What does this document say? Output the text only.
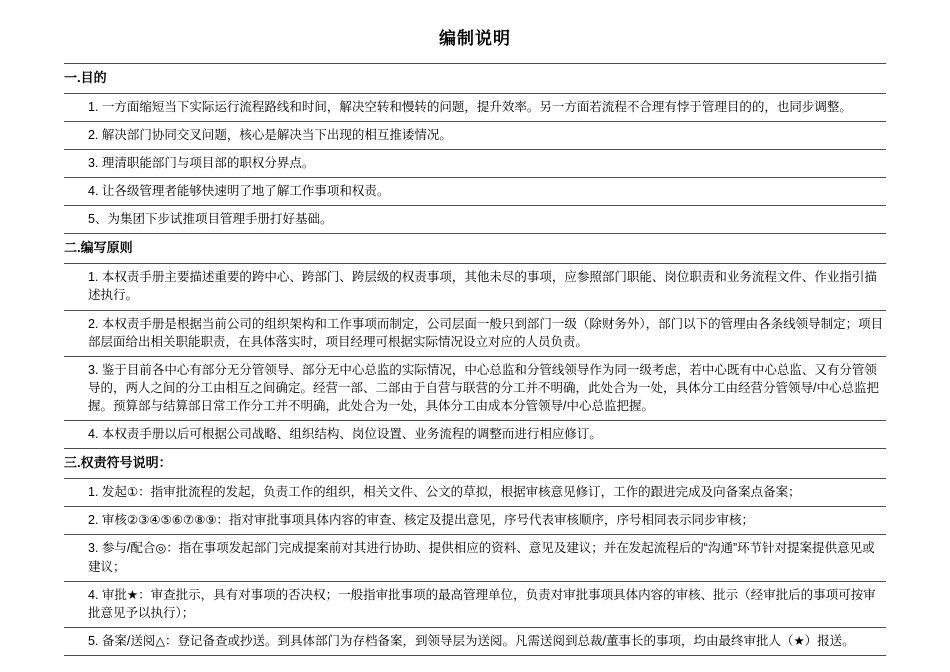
编制说明
一.目的
1. 一方面缩短当下实际运行流程路线和时间，解决空转和慢转的问题，提升效率。另一方面若流程不合理有悖于管理目的的，也同步调整。
2. 解决部门协同交叉问题，核心是解决当下出现的相互推诿情况。
3. 理清职能部门与项目部的职权分界点。
4. 让各级管理者能够快速明了地了解工作事项和权责。
5、为集团下步试推项目管理手册打好基础。
二.编写原则
1. 本权责手册主要描述重要的跨中心、跨部门、跨层级的权责事项，其他未尽的事项，应参照部门职能、岗位职责和业务流程文件、作业指引描述执行。
2. 本权责手册是根据当前公司的组织架构和工作事项而制定，公司层面一般只到部门一级（除财务外），部门以下的管理由各条线领导制定；项目部层面给出相关职能职责，在具体落实时，项目经理可根据实际情况设立对应的人员负责。
3. 鉴于目前各中心有部分无分管领导、部分无中心总监的实际情况，中心总监和分管线领导作为同一级考虑，若中心既有中心总监、又有分管领导的，两人之间的分工由相互之间确定。经营一部、二部由于自营与联营的分工并不明确，此处合为一处，具体分工由经营分管领导/中心总监把握。预算部与结算部日常工作分工并不明确，此处合为一处，具体分工由成本分管领导/中心总监把握。
4. 本权责手册以后可根据公司战略、组织结构、岗位设置、业务流程的调整而进行相应修订。
三.权责符号说明：
1. 发起①：指审批流程的发起，负责工作的组织，相关文件、公文的草拟，根据审核意见修订，工作的跟进完成及向备案点备案；
2. 审核②③④⑤⑥⑦⑧⑨：指对审批事项具体内容的审查、核定及提出意见，序号代表审核顺序，序号相同表示同步审核；
3. 参与/配合◎：指在事项发起部门完成提案前对其进行协助、提供相应的资料、意见及建议；并在发起流程后的“沟通”环节针对提案提供意见或建议；
4. 审批★：审查批示，具有对事项的否决权；一般指审批事项的最高管理单位，负责对审批事项具体内容的审核、批示（经审批后的事项可按审批意见予以执行）；
5. 备案/送阅△：登记备查或抄送。到具体部门为存档备案，到领导层为送阅。凡需送阅到总裁/董事长的事项，均由最终审批人（★）报送。
